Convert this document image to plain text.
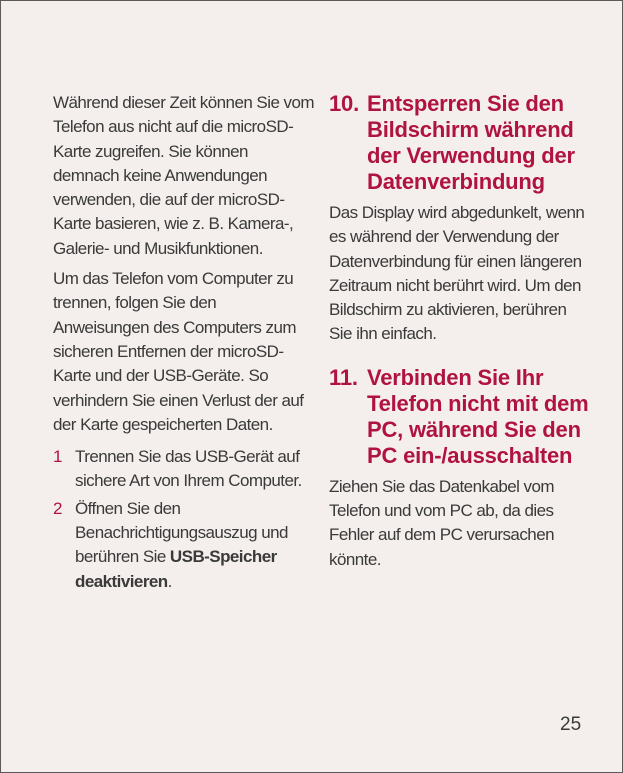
Während dieser Zeit können Sie vom Telefon aus nicht auf die microSD-Karte zugreifen. Sie können demnach keine Anwendungen verwenden, die auf der microSD-Karte basieren, wie z. B. Kamera-, Galerie- und Musikfunktionen.

Um das Telefon vom Computer zu trennen, folgen Sie den Anweisungen des Computers zum sicheren Entfernen der microSD-Karte und der USB-Geräte. So verhindern Sie einen Verlust der auf der Karte gespeicherten Daten.

1 Trennen Sie das USB-Gerät auf sichere Art von Ihrem Computer.
2 Öffnen Sie den Benachrichtigungsauszug und berühren Sie USB-Speicher deaktivieren.
10. Entsperren Sie den Bildschirm während der Verwendung der Datenverbindung

Das Display wird abgedunkelt, wenn es während der Verwendung der Datenverbindung für einen längeren Zeitraum nicht berührt wird. Um den Bildschirm zu aktivieren, berühren Sie ihn einfach.

11. Verbinden Sie Ihr Telefon nicht mit dem PC, während Sie den PC ein-/ausschalten

Ziehen Sie das Datenkabel vom Telefon und vom PC ab, da dies Fehler auf dem PC verursachen könnte.

25
